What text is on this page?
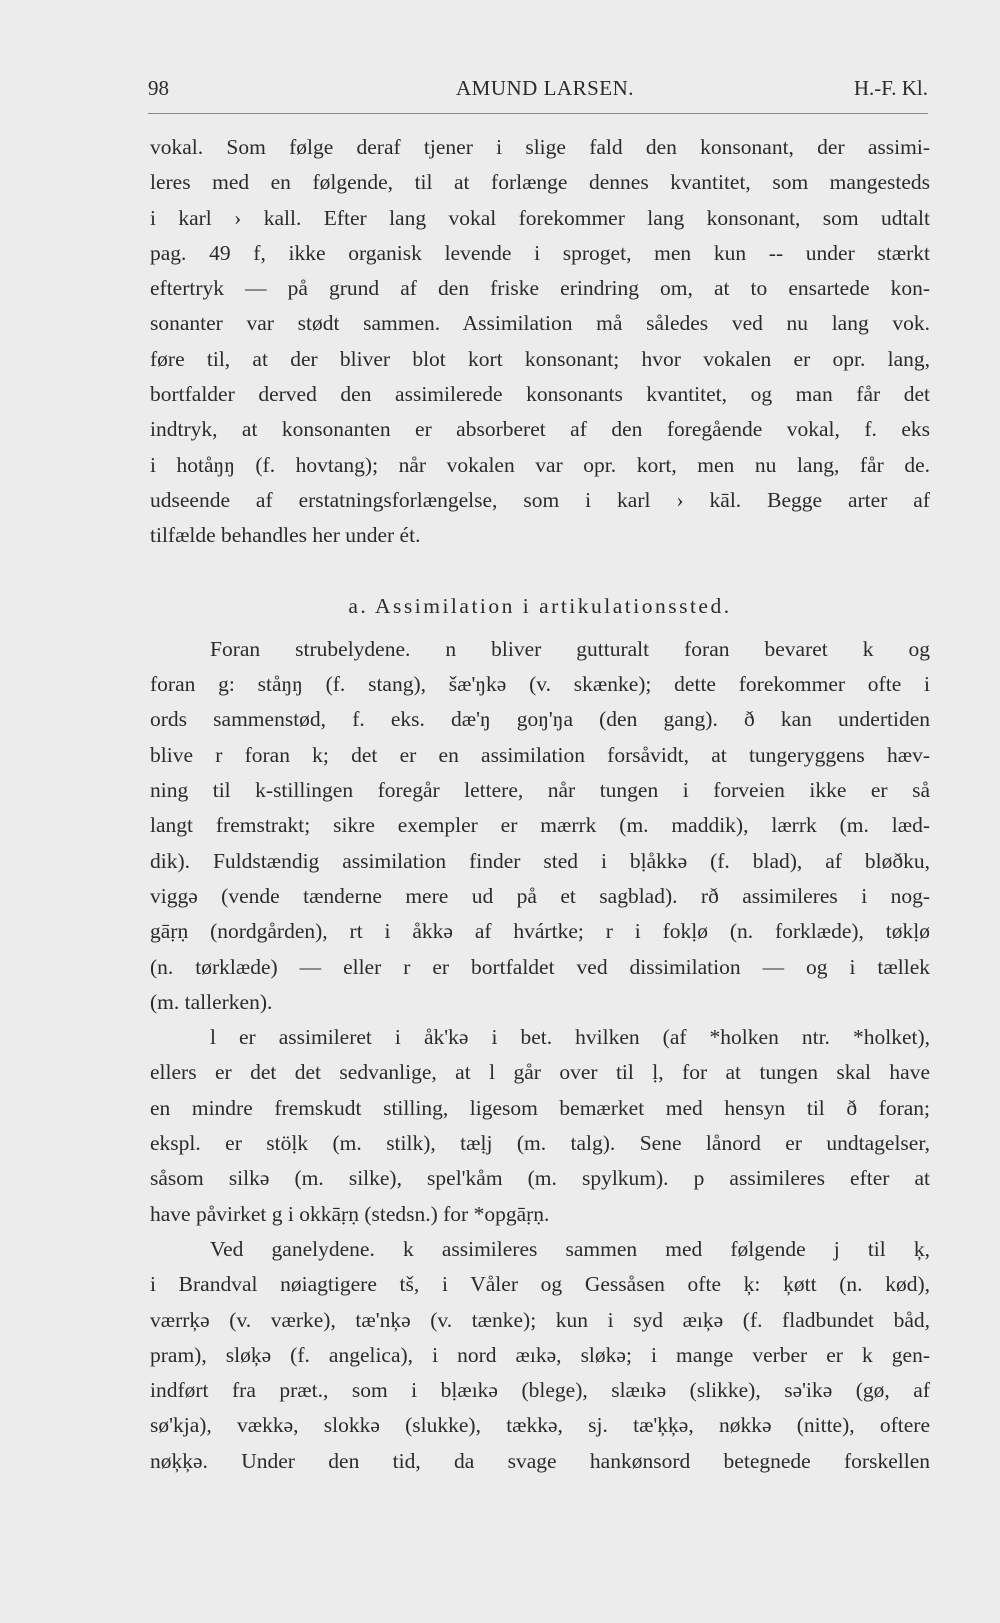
98	AMUND LARSEN.	H.-F. Kl.

vokal. Som følge deraf tjener i slige fald den konsonant, der assimi-
leres med en følgende, til at forlænge dennes kvantitet, som mangesteds
i karl › kall. Efter lang vokal forekommer lang konsonant, som udtalt
pag. 49 f, ikke organisk levende i sproget, men kun -- under stærkt
eftertryk — på grund af den friske erindring om, at to ensartede kon-
sonanter var stødt sammen. Assimilation må således ved nu lang vok.
føre til, at der bliver blot kort konsonant; hvor vokalen er opr. lang,
bortfalder derved den assimilerede konsonants kvantitet, og man får det
indtryk, at konsonanten er absorberet af den foregående vokal, f. eks
i hotåŋŋ (f. hovtang); når vokalen var opr. kort, men nu lang, får de.
udseende af erstatningsforlængelse, som i karl › kāl. Begge arter af
tilfælde behandles her under ét.

a. Assimilation i artikulationssted.

Foran strubelydene. n bliver gutturalt foran bevaret k og
foran g: ståŋŋ (f. stang), šæ'ŋkə (v. skænke); dette forekommer ofte i
ords sammenstød, f. eks. dæ'ŋ goŋ'ŋa (den gang). ð kan undertiden
blive r foran k; det er en assimilation forsåvidt, at tungeryggens hæv-
ning til k-stillingen foregår lettere, når tungen i forveien ikke er så
langt fremstrakt; sikre exempler er mærrk (m. maddik), lærrk (m. læd-
dik). Fuldstændig assimilation finder sted i bḷåkkə (f. blad), af bløðku,
viggə (vende tænderne mere ud på et sagblad). rð assimileres i nog-
gāṛṇ (nordgården), rt i åkkə af hvártke; r i fokḷø (n. forklæde), tøkḷø
(n. tørklæde) — eller r er bortfaldet ved dissimilation — og i tællek
(m. tallerken).

l er assimileret i åk'kə i bet. hvilken (af *holken ntr. *holket),
ellers er det det sedvanlige, at l går over til ḷ, for at tungen skal have
en mindre fremskudt stilling, ligesom bemærket med hensyn til ð foran;
ekspl. er stöḷk (m. stilk), tæḷj (m. talg). Sene lånord er undtagelser,
såsom silkə (m. silke), spel'kåm (m. spylkum). p assimileres efter at
have påvirket g i okkāṛṇ (stedsn.) for *opgāṛṇ.

Ved ganelydene. k assimileres sammen med følgende j til ķ,
i Brandval nøiagtigere tš, i Våler og Gessåsen ofte ķ: ķøtt (n. kød),
værrķə (v. værke), tæ'nķə (v. tænke); kun i syd æıķə (f. fladbundet båd,
pram), sløķə (f. angelica), i nord æıkə, sløkə; i mange verber er k gen-
indført fra præt., som i bḷæıkə (blege), slæıkə (slikke), sə'ikə (gø, af
sø'kja), vækkə, slokkə (slukke), tækkə, sj. tæ'ķķə, nøkkə (nitte), oftere
nøķķə. Under den tid, da svage hankønsord betegnede forskellen
